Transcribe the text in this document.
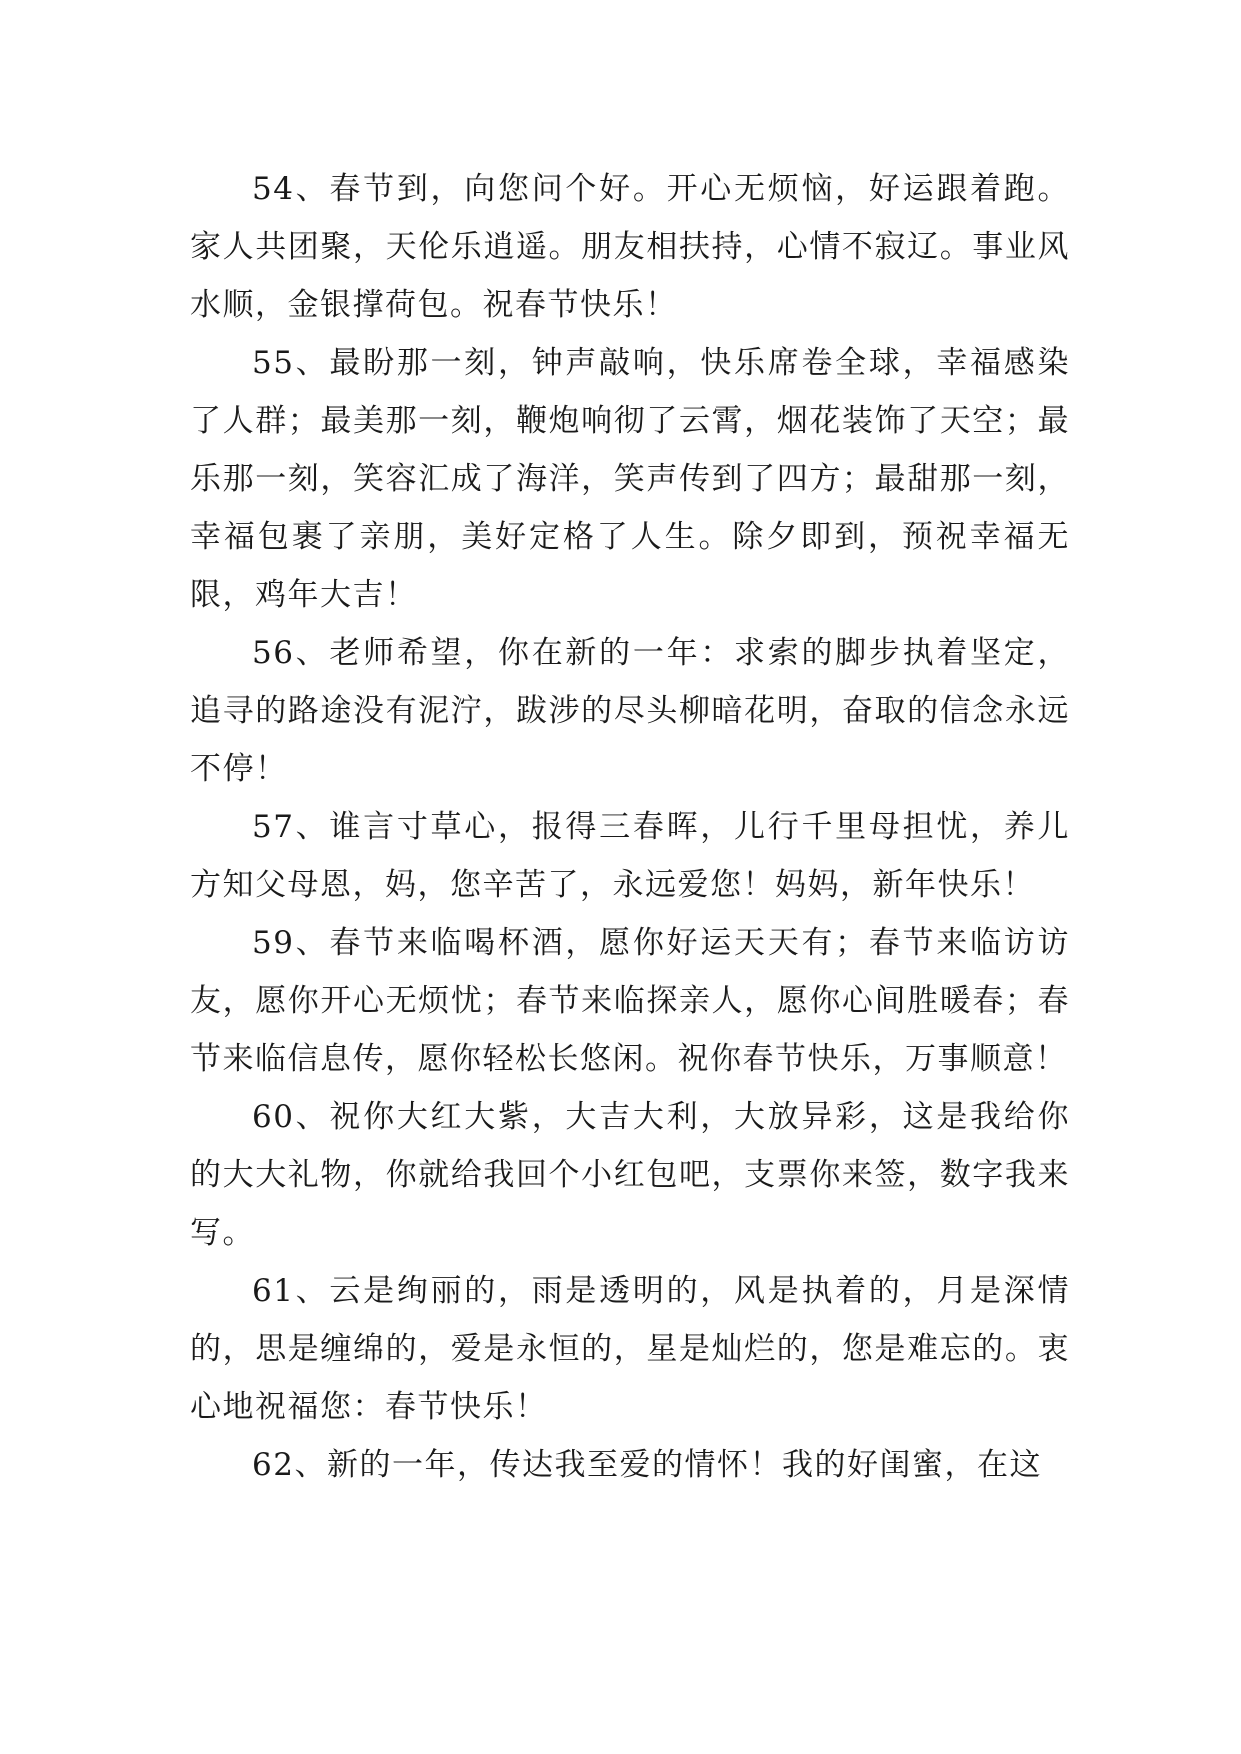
54、春节到，向您问个好。开心无烦恼，好运跟着跑。家人共团聚，天伦乐逍遥。朋友相扶持，心情不寂辽。事业风水顺，金银撑荷包。祝春节快乐！

55、最盼那一刻，钟声敲响，快乐席卷全球，幸福感染了人群；最美那一刻，鞭炮响彻了云霄，烟花装饰了天空；最乐那一刻，笑容汇成了海洋，笑声传到了四方；最甜那一刻，幸福包裹了亲朋，美好定格了人生。除夕即到，预祝幸福无限，鸡年大吉！

56、老师希望，你在新的一年：求索的脚步执着坚定，追寻的路途没有泥泞，跋涉的尽头柳暗花明，奋取的信念永远不停！

57、谁言寸草心，报得三春晖，儿行千里母担忧，养儿方知父母恩，妈，您辛苦了，永远爱您！妈妈，新年快乐！

59、春节来临喝杯酒，愿你好运天天有；春节来临访访友，愿你开心无烦忧；春节来临探亲人，愿你心间胜暖春；春节来临信息传，愿你轻松长悠闲。祝你春节快乐，万事顺意！

60、祝你大红大紫，大吉大利，大放异彩，这是我给你的大大礼物，你就给我回个小红包吧，支票你来签，数字我来写。

61、云是绚丽的，雨是透明的，风是执着的，月是深情的，思是缠绵的，爱是永恒的，星是灿烂的，您是难忘的。衷心地祝福您：春节快乐！

62、新的一年，传达我至爱的情怀！我的好闺蜜，在这
